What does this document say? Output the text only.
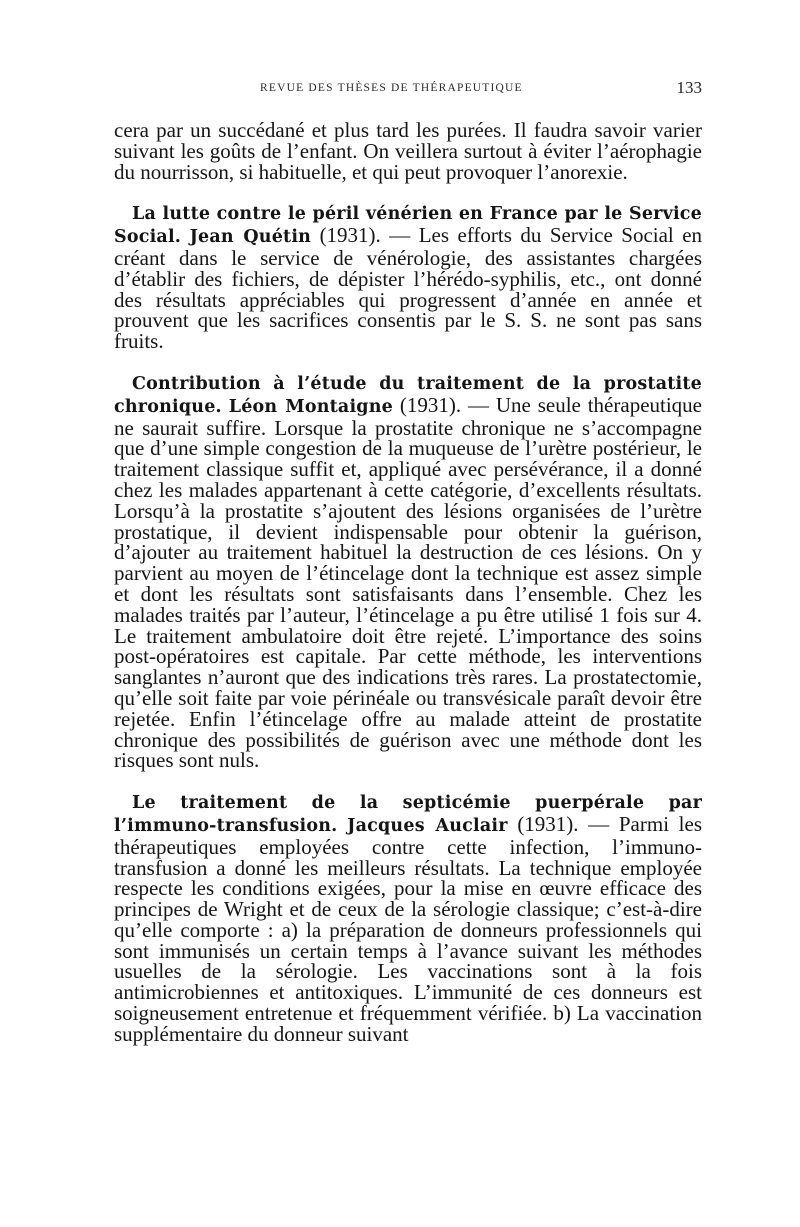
REVUE DES THÈSES DE THÉRAPEUTIQUE	133

cera par un succédané et plus tard les purées. Il faudra savoir varier suivant les goûts de l’enfant. On veillera surtout à éviter l’aérophagie du nourrisson, si habituelle, et qui peut provoquer l’anorexie.

La lutte contre le péril vénérien en France par le Service Social. Jean Quétin (1931). — Les efforts du Service Social en créant dans le service de vénérologie, des assistantes chargées d’établir des fichiers, de dépister l’hérédo-syphilis, etc., ont donné des résultats appréciables qui progressent d’année en année et prouvent que les sacrifices consentis par le S. S. ne sont pas sans fruits.

Contribution à l’étude du traitement de la prostatite chronique. Léon Montaigne (1931). — Une seule thérapeutique ne saurait suffire. Lorsque la prostatite chronique ne s’accompagne que d’une simple congestion de la muqueuse de l’urètre postérieur, le traitement classique suffit et, appliqué avec persévérance, il a donné chez les malades appartenant à cette catégorie, d’excellents résultats. Lorsqu’à la prostatite s’ajoutent des lésions organisées de l’urètre prostatique, il devient indispensable pour obtenir la guérison, d’ajouter au traitement habituel la destruction de ces lésions. On y parvient au moyen de l’étincelage dont la technique est assez simple et dont les résultats sont satisfaisants dans l’ensemble. Chez les malades traités par l’auteur, l’étincelage a pu être utilisé 1 fois sur 4. Le traitement ambulatoire doit être rejeté. L’importance des soins post-opératoires est capitale. Par cette méthode, les interventions sanglantes n’auront que des indications très rares. La prostatectomie, qu’elle soit faite par voie périnéale ou transvésicale paraît devoir être rejetée. Enfin l’étincelage offre au malade atteint de prostatite chronique des possibilités de guérison avec une méthode dont les risques sont nuls.

Le traitement de la septicémie puerpérale par l’immuno-transfusion. Jacques Auclair (1931). — Parmi les thérapeutiques employées contre cette infection, l’immuno-transfusion a donné les meilleurs résultats. La technique employée respecte les conditions exigées, pour la mise en œuvre efficace des principes de Wright et de ceux de la sérologie classique; c’est-à-dire qu’elle comporte : a) la préparation de donneurs professionnels qui sont immunisés un certain temps à l’avance suivant les méthodes usuelles de la sérologie. Les vaccinations sont à la fois antimicrobiennes et antitoxiques. L’immunité de ces donneurs est soigneusement entretenue et fréquemment vérifiée. b) La vaccination supplémentaire du donneur suivant
